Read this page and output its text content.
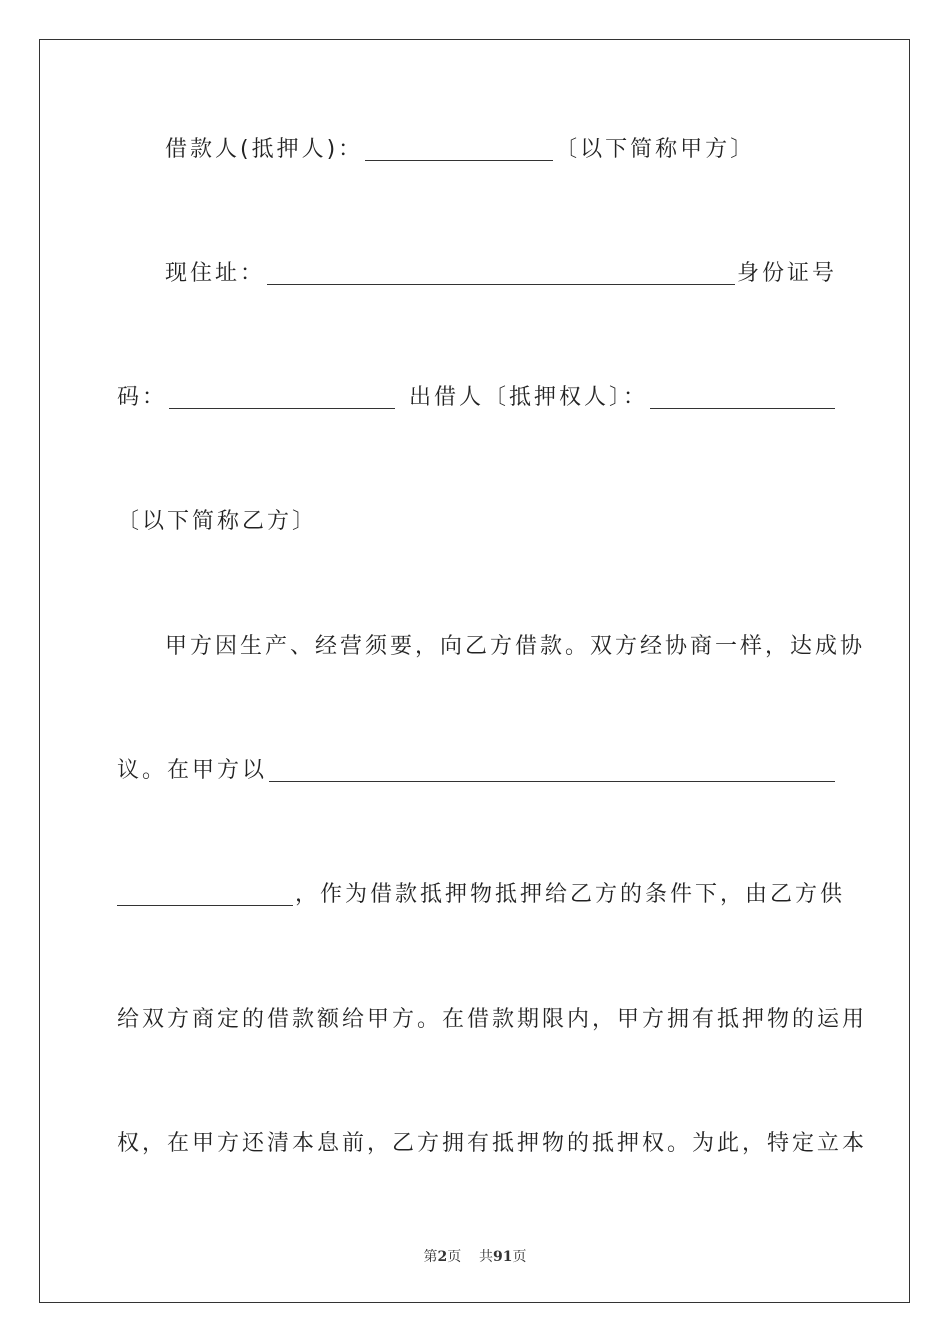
借款人(抵押人)：	〔以下简称甲方〕
现住址：	身份证号
码：	出借人〔抵押权人〕：
〔以下简称乙方〕
甲方因生产、经营须要，向乙方借款。双方经协商一样，达成协
议。在甲方以
，作为借款抵押物抵押给乙方的条件下，由乙方供
给双方商定的借款额给甲方。在借款期限内，甲方拥有抵押物的运用
权，在甲方还清本息前，乙方拥有抵押物的抵押权。为此，特定立本
第2页 共91页
